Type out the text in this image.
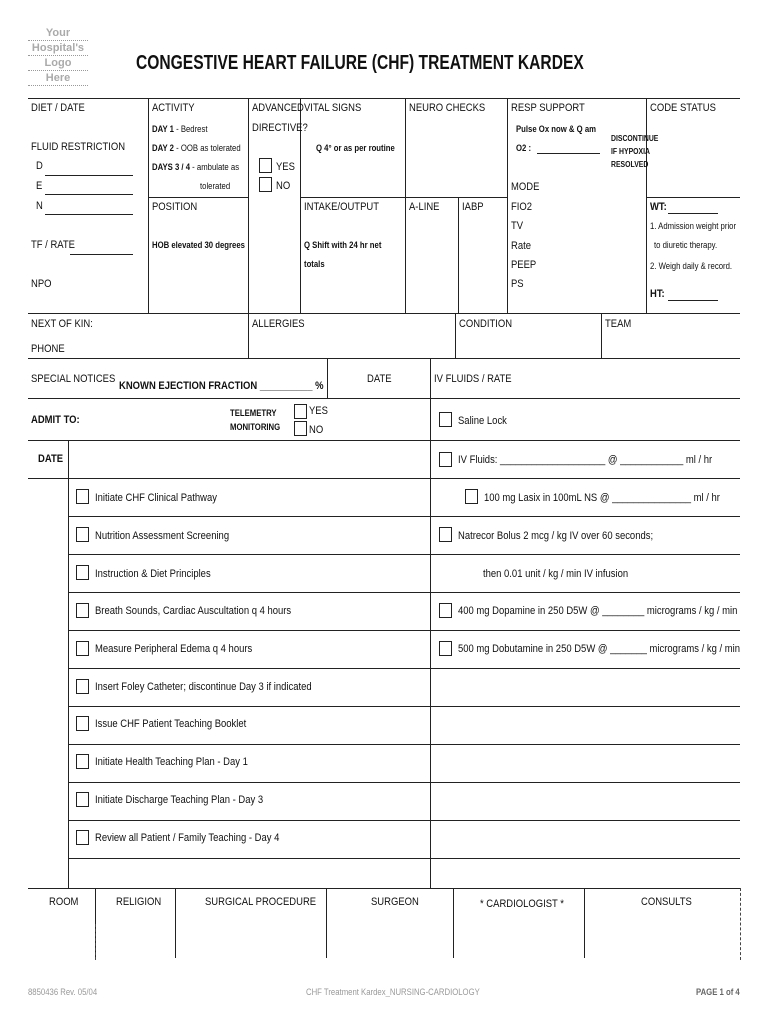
Your
Hospital's
Logo
Here
CONGESTIVE HEART FAILURE (CHF) TREATMENT KARDEX
DIET / DATE
FLUID RESTRICTION
D
E
N
TF / RATE
NPO
ACTIVITY
DAY 1 - Bedrest
DAY 2 - OOB as tolerated
DAYS 3 / 4 - ambulate as
tolerated
POSITION
HOB elevated 30 degrees
ADVANCED
DIRECTIVE?
YES
NO
VITAL SIGNS
Q 4° or as per routine
INTAKE/OUTPUT
Q Shift with 24 hr net
totals
NEURO CHECKS
A-LINE IABP
RESP SUPPORT
Pulse Ox now & Q am
O2 :
DISCONTINUE
IF HYPOXIA
RESOLVED
MODE
FIO2
TV
Rate
PEEP
PS
CODE STATUS
WT:
1. Admission weight prior
to diuretic therapy.
2. Weigh daily & record.
HT:
NEXT OF KIN:
PHONE
ALLERGIES	CONDITION	TEAM
SPECIAL NOTICES
KNOWN EJECTION FRACTION __________ %
DATE	IV FLUIDS / RATE
ADMIT TO:
TELEMETRY
MONITORING
YES
NO
Saline Lock
DATE
Initiate CHF Clinical Pathway
Nutrition Assessment Screening
Instruction & Diet Principles
Breath Sounds, Cardiac Auscultation q 4 hours
Measure Peripheral Edema q 4 hours
Insert Foley Catheter; discontinue Day 3 if indicated
Issue CHF Patient Teaching Booklet
Initiate Health Teaching Plan - Day 1
Initiate Discharge Teaching Plan - Day 3
Review all Patient / Family Teaching - Day 4
IV Fluids: ____________________ @ ____________ ml / hr
100 mg Lasix in 100mL NS @ _______________ ml / hr
Natrecor Bolus 2 mcg / kg IV over 60 seconds;
then 0.01 unit / kg / min IV infusion
400 mg Dopamine in 250 D5W @ ________ micrograms / kg / min
500 mg Dobutamine in 250 D5W @ _______ micrograms / kg / min
ROOM	RELIGION	SURGICAL PROCEDURE	SURGEON	* CARDIOLOGIST *	CONSULTS
8850436 Rev. 05/04	CHF Treatment Kardex_NURSING-CARDIOLOGY	PAGE 1 of 4
